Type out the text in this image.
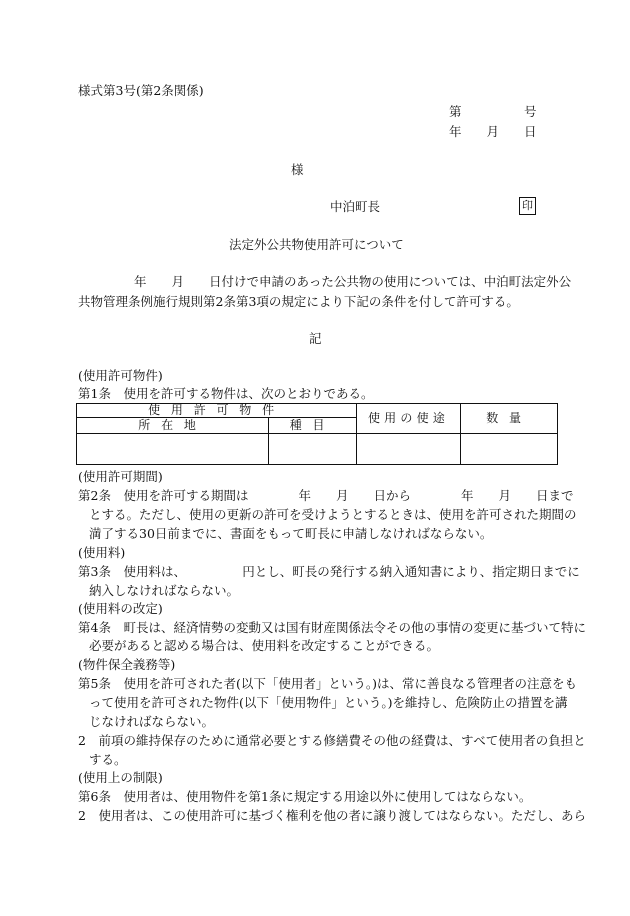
様式第3号(第2条関係)
第　　　　　号
年　　月　　日
様
中泊町長	印
法定外公共物使用許可について
年　　月　　日付けで申請のあった公共物の使用については、中泊町法定外公
共物管理条例施行規則第2条第3項の規定により下記の条件を付して許可する。
記
(使用許可物件)
第1条　使用を許可する物件は、次のとおりである。
使用許可物件		使用の使途	数量
所在地	種目		

(使用許可期間)
第2条　使用を許可する期間は　　　　年　　月　　日から　　　　年　　月　　日まで
とする。ただし、使用の更新の許可を受けようとするときは、使用を許可された期間の
満了する30日前までに、書面をもって町長に申請しなければならない。
(使用料)
第3条　使用料は、　　　　　円とし、町長の発行する納入通知書により、指定期日までに
納入しなければならない。
(使用料の改定)
第4条　町長は、経済情勢の変動又は国有財産関係法令その他の事情の変更に基づいて特に
必要があると認める場合は、使用料を改定することができる。
(物件保全義務等)
第5条　使用を許可された者(以下「使用者」という。)は、常に善良なる管理者の注意をも
って使用を許可された物件(以下「使用物件」という。)を維持し、危険防止の措置を講
じなければならない。
2　前項の維持保存のために通常必要とする修繕費その他の経費は、すべて使用者の負担と
する。
(使用上の制限)
第6条　使用者は、使用物件を第1条に規定する用途以外に使用してはならない。
2　使用者は、この使用許可に基づく権利を他の者に譲り渡してはならない。ただし、あら
